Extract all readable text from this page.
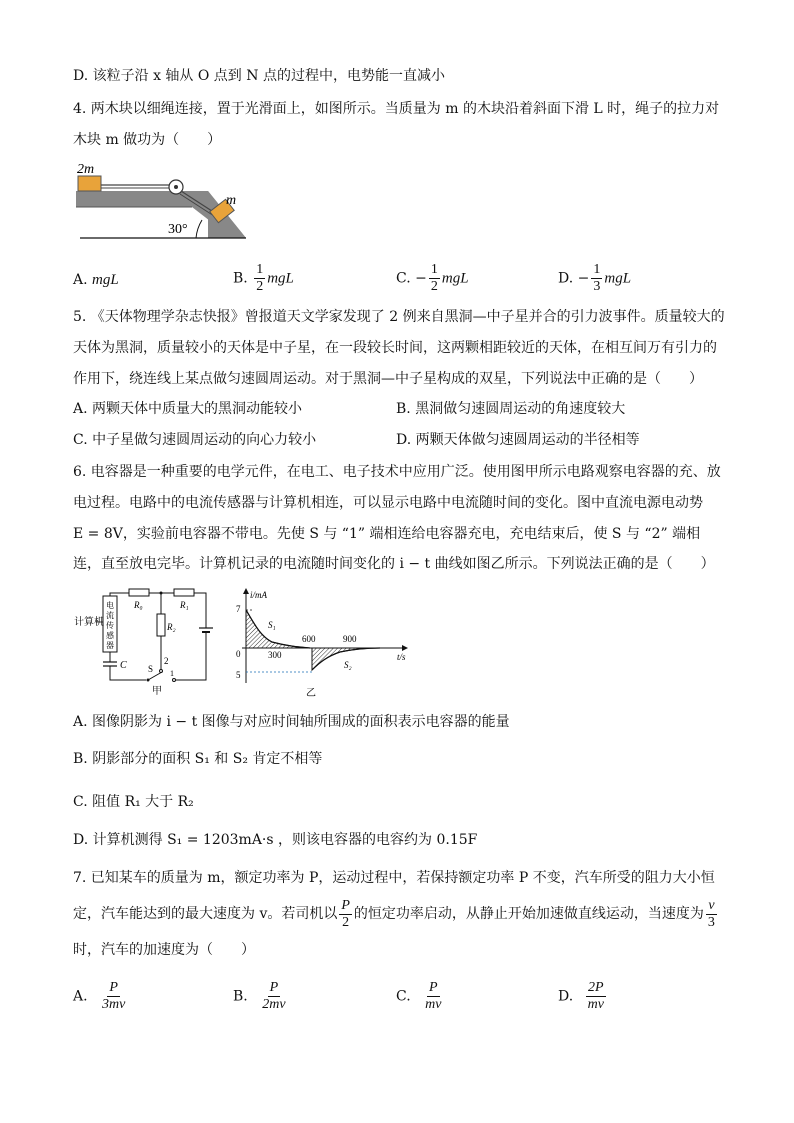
D. 该粒子沿 x 轴从 O 点到 N 点的过程中，电势能一直减小
4. 两木块以细绳连接，置于光滑面上，如图所示。当质量为 m 的木块沿着斜面下滑 L 时，绳子的拉力对
木块 m 做功为（　　）
2m
m
30°
A. mgL	B. $\frac{1}{2}$ mgL	C. − $\frac{1}{2}$ mgL	D. − $\frac{1}{3}$ mgL
5. 《天体物理学杂志快报》曾报道天文学家发现了 2 例来自黑洞—中子星并合的引力波事件。质量较大的
天体为黑洞，质量较小的天体是中子星，在一段较长时间，这两颗相距较近的天体，在相互间万有引力的
作用下，绕连线上某点做匀速圆周运动。对于黑洞—中子星构成的双星，下列说法中正确的是（　　）
A. 两颗天体中质量大的黑洞动能较小	B. 黑洞做匀速圆周运动的角速度较大
C. 中子星做匀速圆周运动的向心力较小	D. 两颗天体做匀速圆周运动的半径相等
6. 电容器是一种重要的电学元件，在电工、电子技术中应用广泛。使用图甲所示电路观察电容器的充、放
电过程。电路中的电流传感器与计算机相连，可以显示电路中电流随时间的变化。图中直流电源电动势
E = 8V，实验前电容器不带电。先使 S 与 “1” 端相连给电容器充电，充电结束后，使 S 与 “2” 端相
连，直至放电完毕。计算机记录的电流随时间变化的 i − t 曲线如图乙所示。下列说法正确的是（　　）
电
流
传
感
器
计算机
R₀	R₁
R₂
2
C S 1
甲
i/mA
t/s
7
5
0	300
600	900
S₁
S₂
乙
A. 图像阴影为 i − t 图像与对应时间轴所围成的面积表示电容器的能量
B. 阴影部分的面积 S₁ 和 S₂ 肯定不相等
C. 阻值 R₁ 大于 R₂
D. 计算机测得 S₁ = 1203mA·s ，则该电容器的电容约为 0.15F
7. 已知某车的质量为 m，额定功率为 P，运动过程中，若保持额定功率 P 不变，汽车所受的阻力大小恒
定，汽车能达到的最大速度为 v。若司机以 $\frac{P}{2}$ 的恒定功率启动，从静止开始加速做直线运动，当速度为 $\frac{v}{3}$
时，汽车的加速度为（　　）
A. $\frac{P}{3mv}$	B. $\frac{P}{2mv}$	C. $\frac{P}{mv}$	D. $\frac{2P}{mv}$
